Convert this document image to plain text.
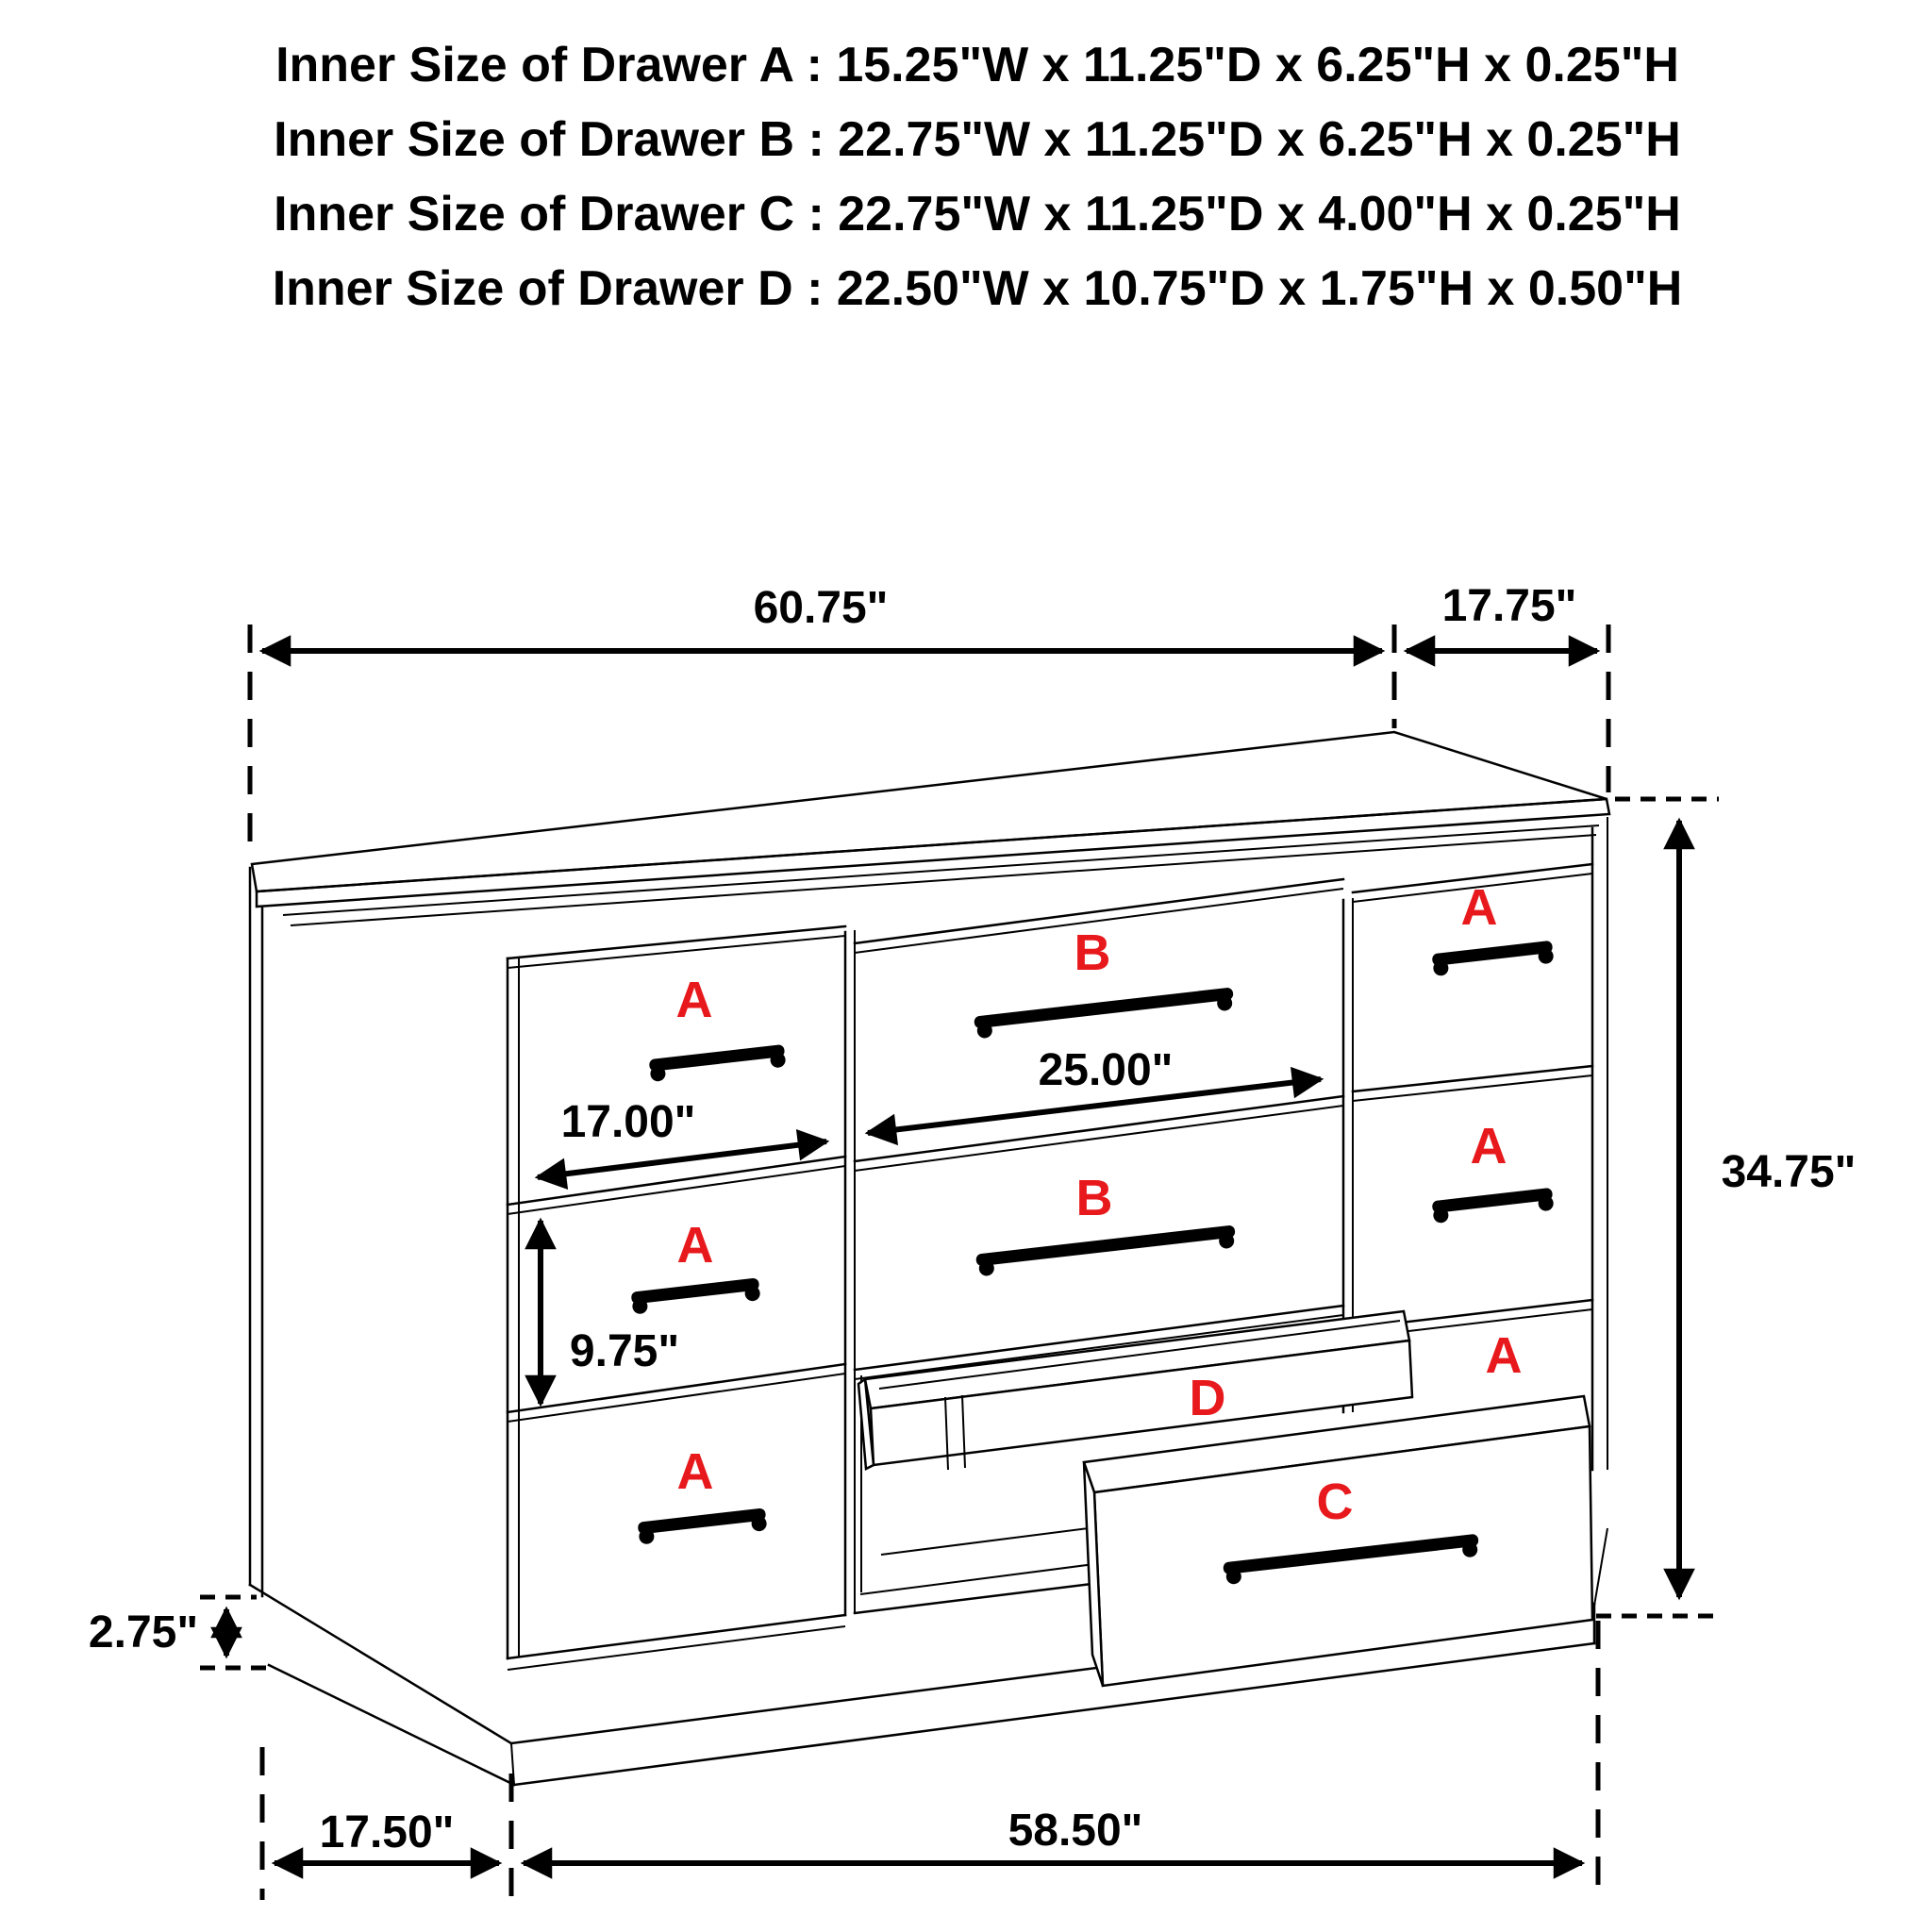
Inner Size of Drawer A : 15.25"W x 11.25"D x 6.25"H x 0.25"H
Inner Size of Drawer B : 22.75"W x 11.25"D x 6.25"H x 0.25"H
Inner Size of Drawer C : 22.75"W x 11.25"D x 4.00"H x 0.25"H
Inner Size of Drawer D : 22.50"W x 10.75"D x 1.75"H x 0.50"H
60.75"	17.75"
17.00"
25.00"
9.75"
34.75"
2.75"
17.50"	58.50"
A
A
A
A
A
A
B
B
C
D
